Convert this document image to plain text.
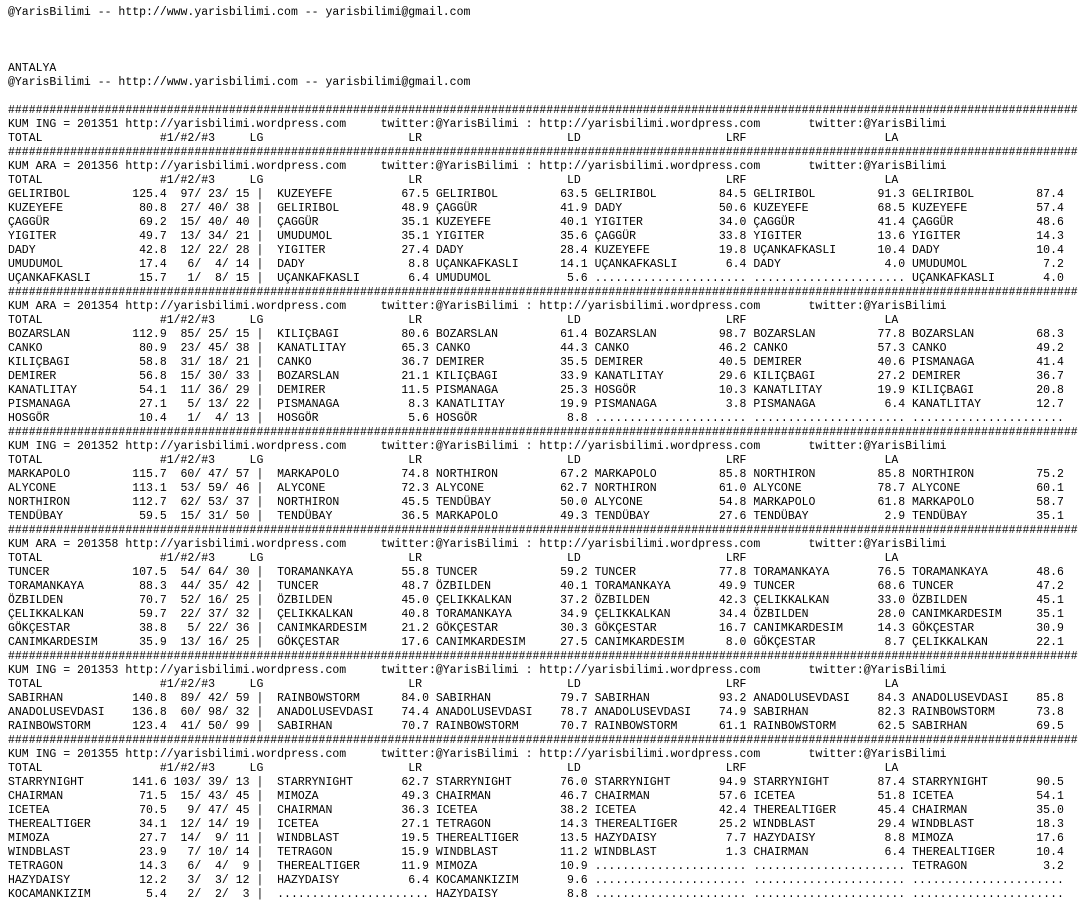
@YarisBilimi -- http://www.yarisbilimi.com -- yarisbilimi@gmail.com
ANTALYA
@YarisBilimi -- http://www.yarisbilimi.com -- yarisbilimi@gmail.com
###########################################################################################################################################################
KUM ING = 201351 http://yarisbilimi.wordpress.com     twitter:@YarisBilimi : http://yarisbilimi.wordpress.com       twitter:@YarisBilimi
TOTAL                 #1/#2/#3     LG                     LR                     LD                     LRF                    LA
###########################################################################################################################################################
KUM ARA = 201356 http://yarisbilimi.wordpress.com     twitter:@YarisBilimi : http://yarisbilimi.wordpress.com       twitter:@YarisBilimi
TOTAL                 #1/#2/#3     LG                     LR                     LD                     LRF                    LA
GELIRIBOL         125.4  97/ 23/ 15 |  KUZEYEFE          67.5 GELIRIBOL         63.5 GELIRIBOL         84.5 GELIRIBOL         91.3 GELIRIBOL         87.4
KUZEYEFE           80.8  27/ 40/ 38 |  GELIRIBOL         48.9 ÇAGGÜR            41.9 DADY              50.6 KUZEYEFE          68.5 KUZEYEFE          57.4
ÇAGGÜR             69.2  15/ 40/ 40 |  ÇAGGÜR            35.1 KUZEYEFE          40.1 YIGITER           34.0 ÇAGGÜR            41.4 ÇAGGÜR            48.6
YIGITER            49.7  13/ 34/ 21 |  UMUDUMOL          35.1 YIGITER           35.6 ÇAGGÜR            33.8 YIGITER           13.6 YIGITER           14.3
DADY               42.8  12/ 22/ 28 |  YIGITER           27.4 DADY              28.4 KUZEYEFE          19.8 UÇANKAFKASLI      10.4 DADY              10.4
UMUDUMOL           17.4   6/  4/ 14 |  DADY               8.8 UÇANKAFKASLI      14.1 UÇANKAFKASLI       6.4 DADY               4.0 UMUDUMOL           7.2
UÇANKAFKASLI       15.7   1/  8/ 15 |  UÇANKAFKASLI       6.4 UMUDUMOL           5.6 ...................... ...................... UÇANKAFKASLI       4.0
###########################################################################################################################################################
KUM ARA = 201354 http://yarisbilimi.wordpress.com     twitter:@YarisBilimi : http://yarisbilimi.wordpress.com       twitter:@YarisBilimi
TOTAL                 #1/#2/#3     LG                     LR                     LD                     LRF                    LA
BOZARSLAN         112.9  85/ 25/ 15 |  KILIÇBAGI         80.6 BOZARSLAN         61.4 BOZARSLAN         98.7 BOZARSLAN         77.8 BOZARSLAN         68.3
CANKO              80.9  23/ 45/ 38 |  KANATLITAY        65.3 CANKO             44.3 CANKO             46.2 CANKO             57.3 CANKO             49.2
KILIÇBAGI          58.8  31/ 18/ 21 |  CANKO             36.7 DEMIRER           35.5 DEMIRER           40.5 DEMIRER           40.6 PISMANAGA         41.4
DEMIRER            56.8  15/ 30/ 33 |  BOZARSLAN         21.1 KILIÇBAGI         33.9 KANATLITAY        29.6 KILIÇBAGI         27.2 DEMIRER           36.7
KANATLITAY         54.1  11/ 36/ 29 |  DEMIRER           11.5 PISMANAGA         25.3 HOSGÖR            10.3 KANATLITAY        19.9 KILIÇBAGI         20.8
PISMANAGA          27.1   5/ 13/ 22 |  PISMANAGA          8.3 KANATLITAY        19.9 PISMANAGA          3.8 PISMANAGA          6.4 KANATLITAY        12.7
HOSGÖR             10.4   1/  4/ 13 |  HOSGÖR             5.6 HOSGÖR             8.8 ...................... ...................... ......................
###########################################################################################################################################################
KUM ING = 201352 http://yarisbilimi.wordpress.com     twitter:@YarisBilimi : http://yarisbilimi.wordpress.com       twitter:@YarisBilimi
TOTAL                 #1/#2/#3     LG                     LR                     LD                     LRF                    LA
MARKAPOLO         115.7  60/ 47/ 57 |  MARKAPOLO         74.8 NORTHIRON         67.2 MARKAPOLO         85.8 NORTHIRON         85.8 NORTHIRON         75.2
ALYCONE           113.1  53/ 59/ 46 |  ALYCONE           72.3 ALYCONE           62.7 NORTHIRON         61.0 ALYCONE           78.7 ALYCONE           60.1
NORTHIRON         112.7  62/ 53/ 37 |  NORTHIRON         45.5 TENDÜBAY          50.0 ALYCONE           54.8 MARKAPOLO         61.8 MARKAPOLO         58.7
TENDÜBAY           59.5  15/ 31/ 50 |  TENDÜBAY          36.5 MARKAPOLO         49.3 TENDÜBAY          27.6 TENDÜBAY           2.9 TENDÜBAY          35.1
###########################################################################################################################################################
KUM ARA = 201358 http://yarisbilimi.wordpress.com     twitter:@YarisBilimi : http://yarisbilimi.wordpress.com       twitter:@YarisBilimi
TOTAL                 #1/#2/#3     LG                     LR                     LD                     LRF                    LA
TUNCER            107.5  54/ 64/ 30 |  TORAMANKAYA       55.8 TUNCER            59.2 TUNCER            77.8 TORAMANKAYA       76.5 TORAMANKAYA       48.6
TORAMANKAYA        88.3  44/ 35/ 42 |  TUNCER            48.7 ÖZBILDEN          40.1 TORAMANKAYA       49.9 TUNCER            68.6 TUNCER            47.2
ÖZBILDEN           70.7  52/ 16/ 25 |  ÖZBILDEN          45.0 ÇELIKKALKAN       37.2 ÖZBILDEN          42.3 ÇELIKKALKAN       33.0 ÖZBILDEN          45.1
ÇELIKKALKAN        59.7  22/ 37/ 32 |  ÇELIKKALKAN       40.8 TORAMANKAYA       34.9 ÇELIKKALKAN       34.4 ÖZBILDEN          28.0 CANIMKARDESIM     35.1
GÖKÇESTAR          38.8   5/ 22/ 36 |  CANIMKARDESIM     21.2 GÖKÇESTAR         30.3 GÖKÇESTAR         16.7 CANIMKARDESIM     14.3 GÖKÇESTAR         30.9
CANIMKARDESIM      35.9  13/ 16/ 25 |  GÖKÇESTAR         17.6 CANIMKARDESIM     27.5 CANIMKARDESIM      8.0 GÖKÇESTAR          8.7 ÇELIKKALKAN       22.1
###########################################################################################################################################################
KUM ING = 201353 http://yarisbilimi.wordpress.com     twitter:@YarisBilimi : http://yarisbilimi.wordpress.com       twitter:@YarisBilimi
TOTAL                 #1/#2/#3     LG                     LR                     LD                     LRF                    LA
SABIRHAN          140.8  89/ 42/ 59 |  RAINBOWSTORM      84.0 SABIRHAN          79.7 SABIRHAN          93.2 ANADOLUSEVDASI    84.3 ANADOLUSEVDASI    85.8
ANADOLUSEVDASI    136.8  60/ 98/ 32 |  ANADOLUSEVDASI    74.4 ANADOLUSEVDASI    78.7 ANADOLUSEVDASI    74.9 SABIRHAN          82.3 RAINBOWSTORM      73.8
RAINBOWSTORM      123.4  41/ 50/ 99 |  SABIRHAN          70.7 RAINBOWSTORM      70.7 RAINBOWSTORM      61.1 RAINBOWSTORM      62.5 SABIRHAN          69.5
###########################################################################################################################################################
KUM ING = 201355 http://yarisbilimi.wordpress.com     twitter:@YarisBilimi : http://yarisbilimi.wordpress.com       twitter:@YarisBilimi
TOTAL                 #1/#2/#3     LG                     LR                     LD                     LRF                    LA
STARRYNIGHT       141.6 103/ 39/ 13 |  STARRYNIGHT       62.7 STARRYNIGHT       76.0 STARRYNIGHT       94.9 STARRYNIGHT       87.4 STARRYNIGHT       90.5
CHAIRMAN           71.5  15/ 43/ 45 |  MIMOZA            49.3 CHAIRMAN          46.7 CHAIRMAN          57.6 ICETEA            51.8 ICETEA            54.1
ICETEA             70.5   9/ 47/ 45 |  CHAIRMAN          36.3 ICETEA            38.2 ICETEA            42.4 THEREALTIGER      45.4 CHAIRMAN          35.0
THEREALTIGER       34.1  12/ 14/ 19 |  ICETEA            27.1 TETRAGON          14.3 THEREALTIGER      25.2 WINDBLAST         29.4 WINDBLAST         18.3
MIMOZA             27.7  14/  9/ 11 |  WINDBLAST         19.5 THEREALTIGER      13.5 HAZYDAISY          7.7 HAZYDAISY          8.8 MIMOZA            17.6
WINDBLAST          23.9   7/ 10/ 14 |  TETRAGON          15.9 WINDBLAST         11.2 WINDBLAST          1.3 CHAIRMAN           6.4 THEREALTIGER      10.4
TETRAGON           14.3   6/  4/  9 |  THEREALTIGER      11.9 MIMOZA            10.9 ...................... ...................... TETRAGON           3.2
HAZYDAISY          12.2   3/  3/ 12 |  HAZYDAISY          6.4 KOCAMANKIZIM       9.6 ...................... ...................... ......................
KOCAMANKIZIM        5.4   2/  2/  3 |  ...................... HAZYDAISY          8.8 ...................... ...................... ......................
